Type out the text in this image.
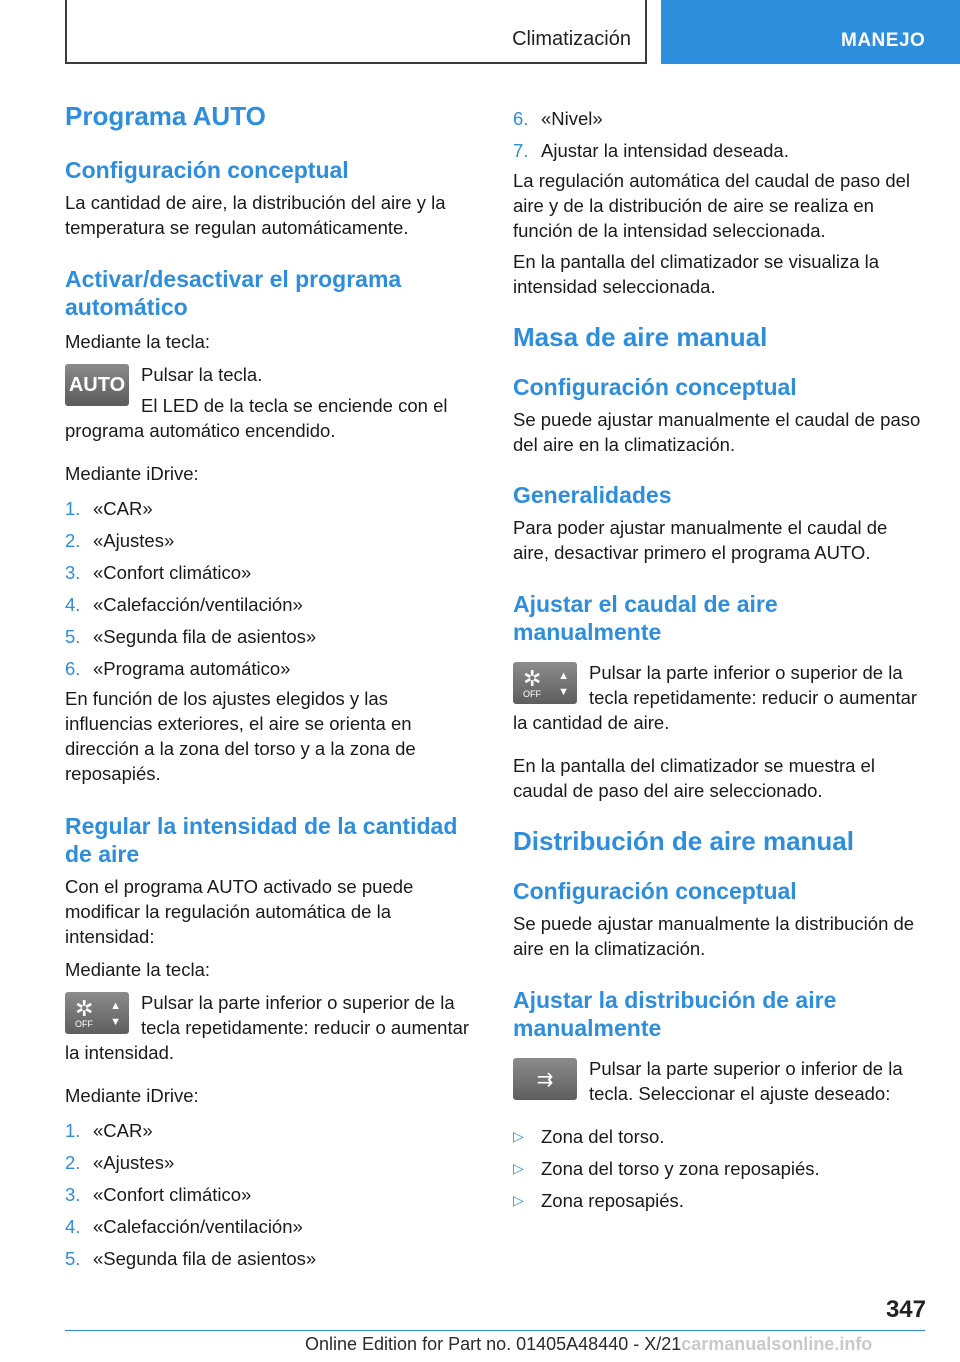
Climatización	MANEJO
Programa AUTO
Configuración conceptual

La cantidad de aire, la distribución del aire y la temperatura se regulan automáticamente.

Activar/desactivar el programa automático

Mediante la tecla:

AUTO Pulsar la tecla.

El LED de la tecla se enciende con el programa automático encendido.

Mediante iDrive:

1. «CAR»
2. «Ajustes»
3. «Confort climático»
4. «Calefacción/ventilación»
5. «Segunda fila de asientos»
6. «Programa automático»

En función de los ajustes elegidos y las influencias exteriores, el aire se orienta en dirección a la zona del torso y a la zona de reposapiés.

Regular la intensidad de la cantidad de aire

Con el programa AUTO activado se puede modificar la regulación automática de la intensidad:

Mediante la tecla:

✲
OFF
▲
▼

Pulsar la parte inferior o superior de la tecla repetidamente: reducir o aumentar la intensidad.

Mediante iDrive:

1. «CAR»
2. «Ajustes»
3. «Confort climático»
4. «Calefacción/ventilación»
5. «Segunda fila de asientos»
6. «Nivel»
7. Ajustar la intensidad deseada.

La regulación automática del caudal de paso del aire y de la distribución de aire se realiza en función de la intensidad seleccionada.

En la pantalla del climatizador se visualiza la intensidad seleccionada.

Masa de aire manual
Configuración conceptual

Se puede ajustar manualmente el caudal de paso del aire en la climatización.

Generalidades

Para poder ajustar manualmente el caudal de aire, desactivar primero el programa AUTO.

Ajustar el caudal de aire manualmente
✲
OFF
▲
▼

Pulsar la parte inferior o superior de la tecla repetidamente: reducir o aumentar la cantidad de aire.

En la pantalla del climatizador se muestra el caudal de paso del aire seleccionado.

Distribución de aire manual
Configuración conceptual

Se puede ajustar manualmente la distribución de aire en la climatización.

Ajustar la distribución de aire manualmente
⇉	Pulsar la parte superior o inferior de la tecla. Seleccionar el ajuste deseado:

▷ Zona del torso.
▷ Zona del torso y zona reposapiés.
▷ Zona reposapiés.
347
Online Edition for Part no. 01405A48440 - X/21carmanualsonline.info
